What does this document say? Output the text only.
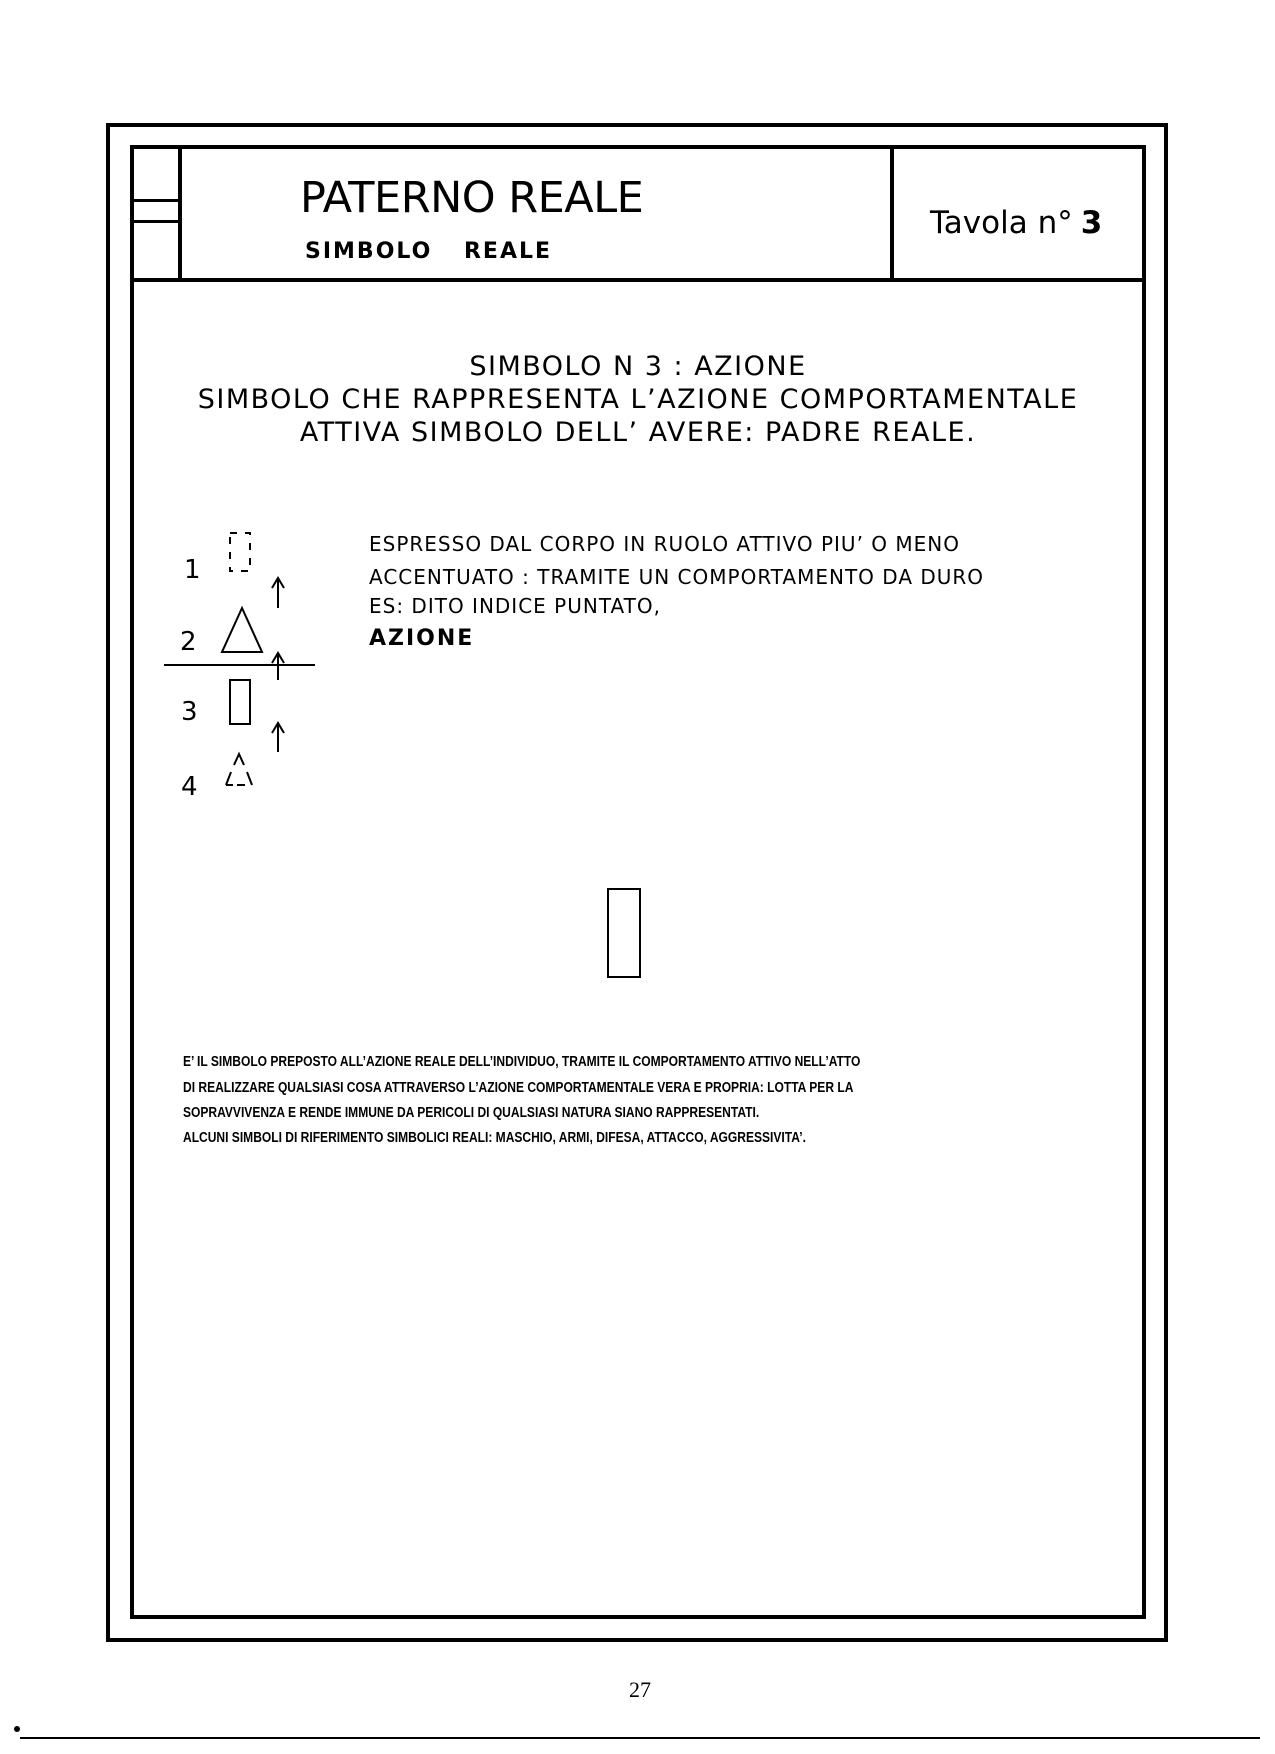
PATERNO REALE
SIMBOLO REALE
Tavola n° 3
SIMBOLO N 3 : AZIONE
SIMBOLO CHE RAPPRESENTA L’AZIONE COMPORTAMENTALE
ATTIVA SIMBOLO DELL’ AVERE: PADRE REALE.
1
2
3
4
ESPRESSO DAL CORPO IN RUOLO ATTIVO PIU’ O MENO
ACCENTUATO : TRAMITE UN COMPORTAMENTO DA DURO
ES: DITO INDICE PUNTATO,
AZIONE
E’ IL SIMBOLO PREPOSTO ALL’AZIONE REALE DELL’INDIVIDUO, TRAMITE IL COMPORTAMENTO ATTIVO NELL’ATTO
DI REALIZZARE QUALSIASI COSA ATTRAVERSO L’AZIONE COMPORTAMENTALE VERA E PROPRIA: LOTTA PER LA
SOPRAVVIVENZA E RENDE IMMUNE DA PERICOLI DI QUALSIASI NATURA SIANO RAPPRESENTATI.
ALCUNI SIMBOLI DI RIFERIMENTO SIMBOLICI REALI: MASCHIO, ARMI, DIFESA, ATTACCO, AGGRESSIVITA’.
27
